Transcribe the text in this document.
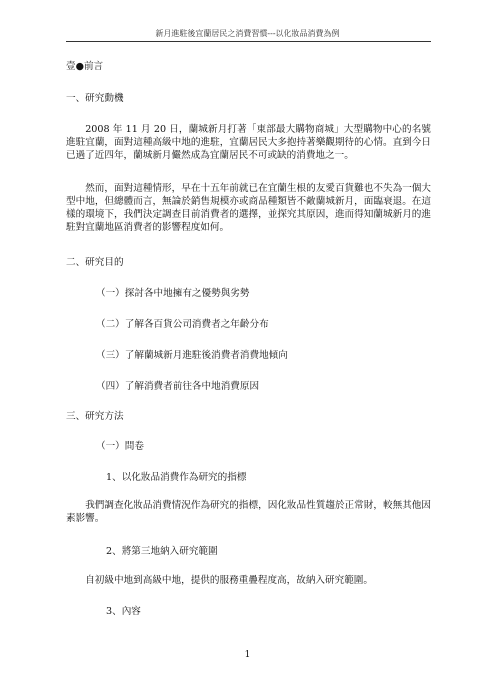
新月進駐後宜蘭居民之消費習慣---以化妝品消費為例
壹●前言
一、研究動機
2008 年 11 月 20 日，蘭城新月打著「東部最大購物商城」大型購物中心的名號進駐宜蘭，面對這種高級中地的進駐，宜蘭居民大多抱持著樂觀期待的心情。直到今日已過了近四年，蘭城新月儼然成為宜蘭居民不可或缺的消費地之一。
然而，面對這種情形，早在十五年前就已在宜蘭生根的友愛百貨難也不失為一個大型中地，但總體而言，無論於銷售規模亦或商品種類皆不敵蘭城新月，面臨衰退。在這樣的環境下，我們決定調查目前消費者的選擇，並探究其原因，進而得知蘭城新月的進駐對宜蘭地區消費者的影響程度如何。
二、研究目的
（一）探討各中地擁有之優勢與劣勢
（二）了解各百貨公司消費者之年齡分布
（三）了解蘭城新月進駐後消費者消費地傾向
（四）了解消費者前往各中地消費原因
三、研究方法
（一）問卷
1、以化妝品消費作為研究的指標
我們調查化妝品消費情況作為研究的指標，因化妝品性質趨於正常財，較無其他因素影響。
2、將第三地納入研究範圍
自初級中地到高級中地，提供的服務重疊程度高，故納入研究範圍。
3、內容
1
